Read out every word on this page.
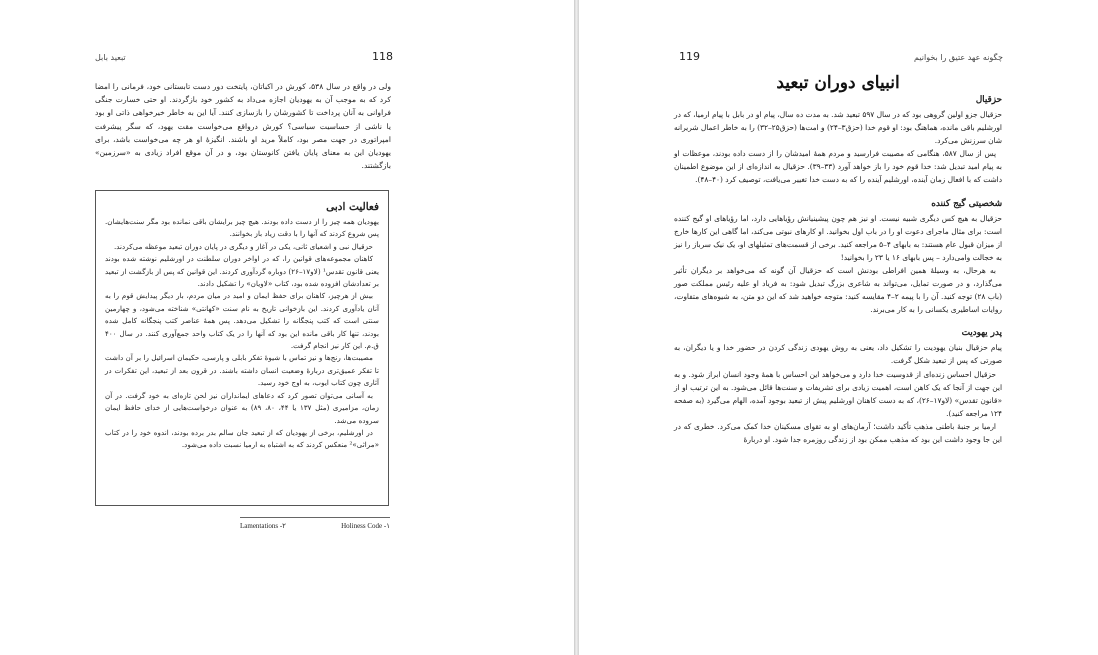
تبعید بابل	118

ولی در واقع در سال ۵۳۸، کورش در اکباتان، پایتخت دور دست تابستانی خود، فرمانی را امضا کرد که به موجب آن به یهودیان اجازه می‌داد به کشور خود بازگردند. او حتی خسارت جنگی فراوانی به آنان پرداخت تا کشورشان را بازسازی کنند. آیا این به خاطر خیرخواهی ذاتی او بود یا ناشی از حساسیت سیاسی؟ کورش درواقع می‌خواست مقت یهود، که سگر پیشرفت امپراتوری در جهت مصر بود، کاملاً مرید او باشند. انگیزهٔ او هر چه می‌خواست باشد، برای یهودیان این به معنای پایان یافتن کانوستان بود، و در آن موقع افراد زیادی به «سرزمین» بازگشتند.

فعالیت ادبی

یهودیان همه چیز را از دست داده بودند. هیچ چیز برایشان باقی نمانده بود مگر سنت‌هایشان. پس شروع کردند که آنها را با دقت زیاد باز بخوانند.

حزقیال نبی و اشعیای ثانی، یکی در آغاز و دیگری در پایان دوران تبعید موعظه می‌کردند.

کاهنان مجموعه‌های قوانین را، که در اواخر دوران سلطنت در اورشلیم نوشته شده بودند یعنی قانون تقدس¹ (لاو۱۷–۲۶) دوباره گردآوری کردند. این قوانین که پس از بازگشت از تبعید بر تعدادشان افزوده شده بود، کتاب «لاویان» را تشکیل دادند.

بیش از هرچیز، کاهنان برای حفظ ایمان و امید در میان مردم، بار دیگر پیدایش قوم را به آنان یادآوری کردند. این بازخوانی تاریخ به نام سنت «کهانتی» شناخته می‌شود، و چهارمین سنتی است که کتب پنجگانه را تشکیل می‌دهد. پس همهٔ عناصر کتب پنجگانه کامل شده بودند، تنها کار باقی مانده این بود که آنها را در یک کتاب واحد جمع‌آوری کنند. در سال ۴۰۰ ق.م. این کار نیز انجام گرفت.

مصیبت‌ها، رنج‌ها و نیز تماس با شیوهٔ تفکر بابلی و پارسی، حکیمان اسرائیل را بر آن داشت تا تفکر عمیق‌تری دربارهٔ وضعیت انسان داشته باشند. در قرون بعد از تبعید، این تفکرات در آثاری چون کتاب ایوب، به اوج خود رسید.

به آسانی می‌توان تصور کرد که دعاهای ایمانداران نیز لحن تازه‌ای به خود گرفت. در آن زمان، مزامیری (مثل ۱۳۷ یا ۴۴، ۸۰، ۸۹) به عنوان درخواست‌هایی از خدای حافظ ایمان سروده می‌شد.

در اورشلیم، برخی از یهودیان که از تبعید جان سالم بدر برده بودند، اندوه خود را در کتاب «مراثی»² منعکس کردند که به اشتباه به ارمیا نسبت داده می‌شود.

Lamentations -۲	Holiness Code -۱
119	چگونه عهد عتیق را بخوانیم
انبیای دوران تبعید
حزقیال

حزقیال جزو اولین گروهی بود که در سال ۵۹۷ تبعید شد. به مدت ده سال، پیام او در بابل با پیام ارمیا، که در اورشلیم باقی مانده، هماهنگ بود: او قوم خدا (حزق۳–۲۴) و امت‌ها (حزق۲۵–۳۲) را به خاطر اعمال شریرانه شان سرزنش می‌کرد.

پس از سال ۵۸۷، هنگامی که مصیبت فرارسید و مردم همهٔ امیدشان را از دست داده بودند، موعظات او به پیام امید تبدیل شد: خدا قوم خود را باز خواهد آورد (۳۳–۳۹). حزقیال به اندازه‌ای از این موضوع اطمینان داشت که با افعال زمان آینده، اورشلیم آینده را که به دست خدا تغییر می‌یافت، توصیف کرد (۴۰–۴۸).

شخصیتی گیج کننده

حزقیال به هیچ کس دیگری شبیه نیست. او نیز هم چون پیشینیانش رؤیاهایی دارد، اما رؤیاهای او گیج کننده است: برای مثال ماجرای دعوت او را در باب اول بخوانید. او کارهای نبوتی می‌کند، اما گاهی این کارها خارج از میزان قبول عام هستند: به بابهای ۴–۵ مراجعه کنید. برخی از قسمت‌های تمثیلهای او، یک نیک سرباز را نیز به خجالت وامی‌دارد – پس بابهای ۱۶ یا ۲۳ را بخوانید!

به هرحال، به وسیلهٔ همین افراطی بودنش است که حزقیال آن گونه که می‌خواهد بر دیگران تأثیر می‌گذارد، و در صورت تمایل، می‌تواند به شاعری بزرگ تبدیل شود: به فریاد او علیه رئیس مملکت صور (باب ۲۸) توجه کنید. آن را با پیمه ۲–۴ مقایسه کنید: متوجه خواهید شد که این دو متن، به شیوه‌های متفاوت، روایات اساطیری یکسانی را به کار می‌برند.

پدر یهودیت

پیام حزقیال بنیان یهودیت را تشکیل داد، یعنی به روش یهودی زندگی کردن در حضور خدا و یا دیگران، به صورتی که پس از تبعید شکل گرفت.

حزقیال احساس زنده‌ای از قدوسیت خدا دارد و می‌خواهد این احساس با همهٔ وجود انسان ابراز شود. و به این جهت از آنجا که یک کاهن است، اهمیت زیادی برای تشریفات و سنت‌ها قائل می‌شود. به این ترتیب او از «قانون تقدس» (لاو۱۷–۲۶)، که به دست کاهنان اورشلیم پیش از تبعید بوجود آمده، الهام می‌گیرد (به صفحه ۱۲۴ مراجعه کنید).

ارمیا بر جنبهٔ باطنی مذهب تأکید داشت؛ آرمان‌های او به تقوای مسکینان خدا کمک می‌کرد. خطری که در این جا وجود داشت این بود که مذهب ممکن بود از زندگی روزمره جدا شود. او دربارهٔ
